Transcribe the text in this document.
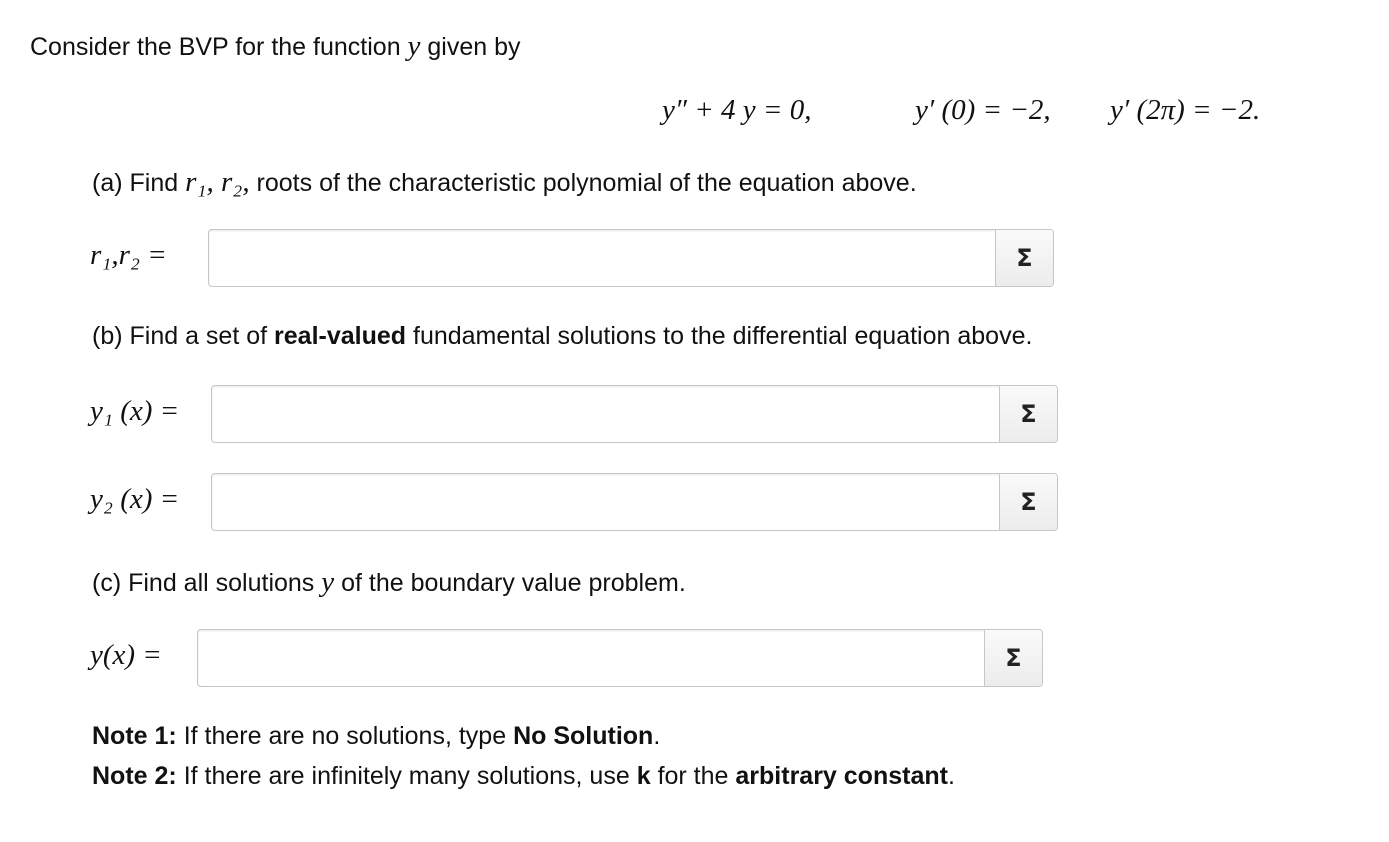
Consider the BVP for the function y given by
y″ + 4 y = 0,	y′ (0) = −2, y′ (2π) = −2.
(a) Find r₁, r₂, roots of the characteristic polynomial of the equation above.
r₁,r₂ =	Σ
(b) Find a set of real-valued fundamental solutions to the differential equation above.
y₁ (x) =	Σ
y₂ (x) =	Σ
(c) Find all solutions y of the boundary value problem.
y(x) =	Σ
Note 1: If there are no solutions, type No Solution.
Note 2: If there are infinitely many solutions, use k for the arbitrary constant.
